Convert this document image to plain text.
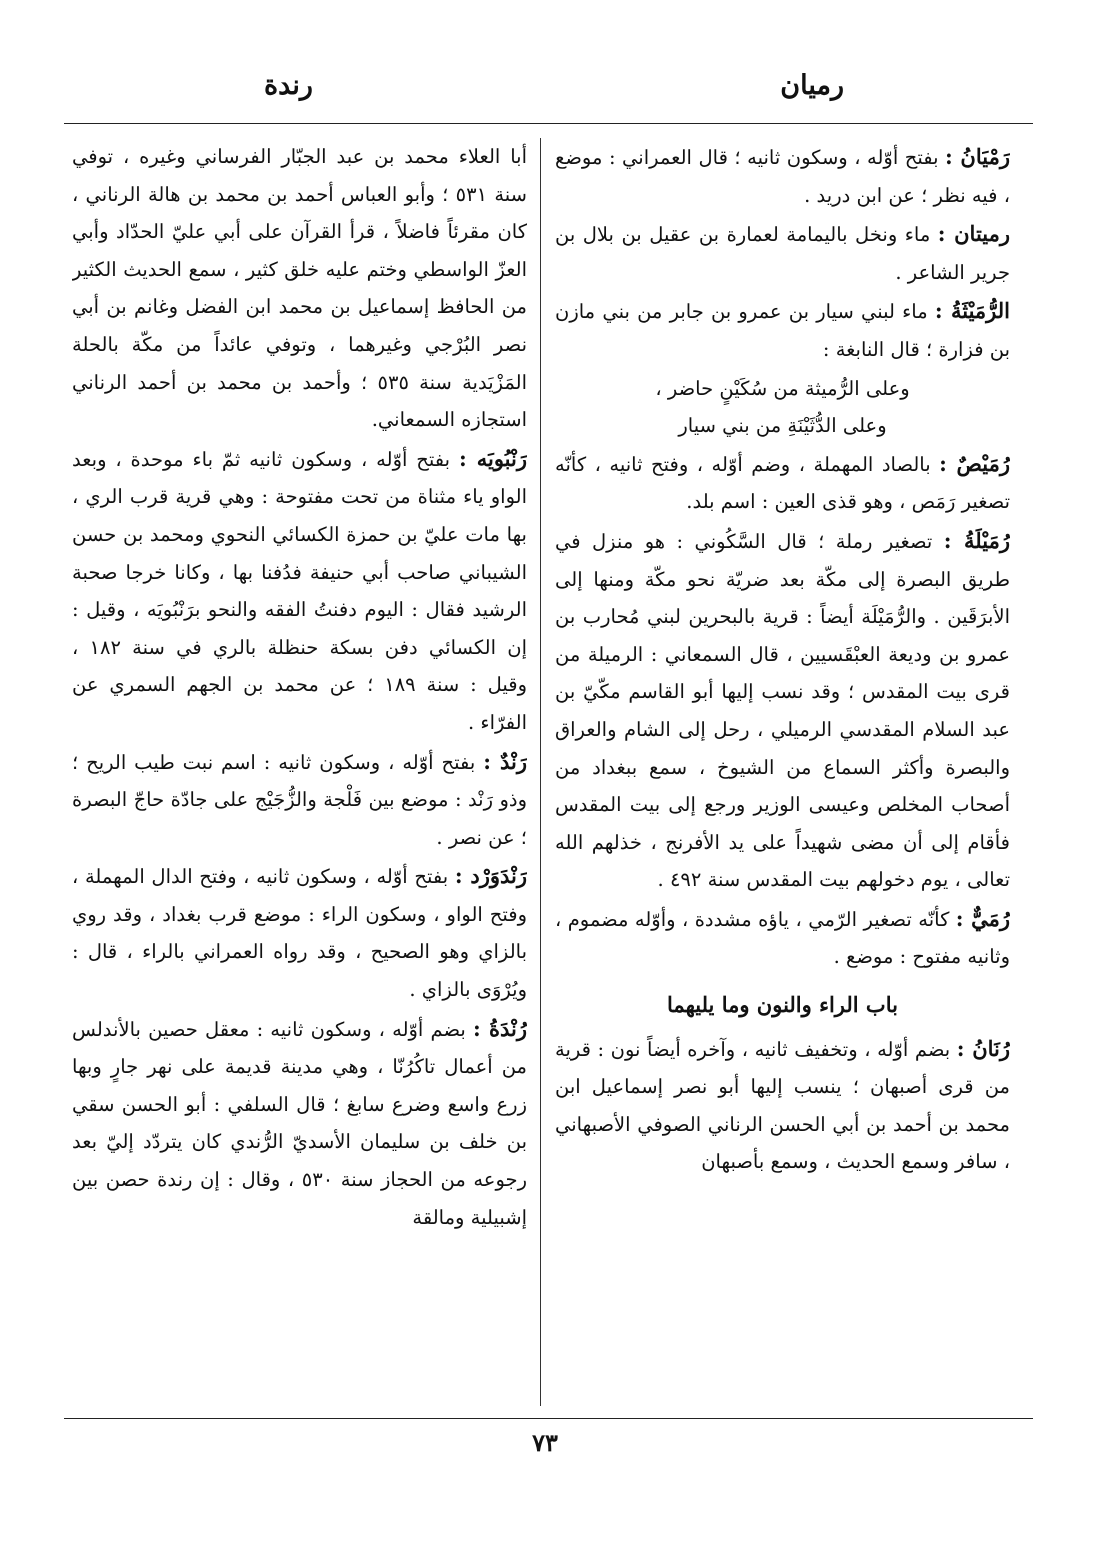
رميان
رندة

رَمْيَانُ : بفتح أوّله ، وسكون ثانيه ؛ قال العمراني : موضع ، فيه نظر ؛ عن ابن دريد .

رميتان : ماء ونخل باليمامة لعمارة بن عقيل بن بلال بن جرير الشاعر .

الرُّمَيْثَةُ : ماء لبني سيار بن عمرو بن جابر من بني مازن بن فزارة ؛ قال النابغة :

وعلى الرُّميثة من سُكَيْنٍ حاضر ،

وعلى الدُّثَيْنَةِ من بني سيار

رُمَيْصٌ : بالصاد المهملة ، وضم أوّله ، وفتح ثانيه ، كأنّه تصغير رَمَص ، وهو قذى العين : اسم بلد.

رُمَيْلَةُ : تصغير رملة ؛ قال السَّكُوني : هو منزل في طريق البصرة إلى مكّة بعد ضريّة نحو مكّة ومنها إلى الأبرَقَين . والرُّمَيْلَة أيضاً : قرية بالبحرين لبني مُحارب بن عمرو بن وديعة العبْقَسيين ، قال السمعاني : الرميلة من قرى بيت المقدس ؛ وقد نسب إليها أبو القاسم مكّيّ بن عبد السلام المقدسي الرميلي ، رحل إلى الشام والعراق والبصرة وأكثر السماع من الشيوخ ، سمع ببغداد من أصحاب المخلص وعيسى الوزير ورجع إلى بيت المقدس فأقام إلى أن مضى شهيداً على يد الأفرنج ، خذلهم الله تعالى ، يوم دخولهم بيت المقدس سنة ٤٩٢ .

رُمَيٌّ : كأنّه تصغير الرّمي ، ياؤه مشددة ، وأوّله مضموم ، وثانيه مفتوح : موضع .

باب الراء والنون وما يليهما

رُنَانُ : بضم أوّله ، وتخفيف ثانيه ، وآخره أيضاً نون : قرية من قرى أصبهان ؛ ينسب إليها أبو نصر إسماعيل ابن محمد بن أحمد بن أبي الحسن الرناني الصوفي الأصبهاني ، سافر وسمع الحديث ، وسمع بأصبهان

أبا العلاء محمد بن عبد الجبّار الفرساني وغيره ، توفي سنة ٥٣١ ؛ وأبو العباس أحمد بن محمد بن هالة الرناني ، كان مقرئاً فاضلاً ، قرأ القرآن على أبي عليّ الحدّاد وأبي العزّ الواسطي وختم عليه خلق كثير ، سمع الحديث الكثير من الحافظ إسماعيل بن محمد ابن الفضل وغانم بن أبي نصر البُرْجي وغيرهما ، وتوفي عائداً من مكّة بالحلة المَزْيَدية سنة ٥٣٥ ؛ وأحمد بن محمد بن أحمد الرناني استجازه السمعاني.

رَنْبُويَه : بفتح أوّله ، وسكون ثانيه ثمّ باء موحدة ، وبعد الواو ياء مثناة من تحت مفتوحة : وهي قرية قرب الري ، بها مات عليّ بن حمزة الكسائي النحوي ومحمد بن حسن الشيباني صاحب أبي حنيفة فدُفنا بها ، وكانا خرجا صحبة الرشيد فقال : اليوم دفنتُ الفقه والنحو برَنْبُويَه ، وقيل : إن الكسائي دفن بسكة حنظلة بالري في سنة ١٨٢ ، وقيل : سنة ١٨٩ ؛ عن محمد بن الجهم السمري عن الفرّاء .

رَنْدٌ : بفتح أوّله ، وسكون ثانيه : اسم نبت طيب الريح ؛ وذو رَنْد : موضع بين فَلْجة والزُّجَيْج على جادّة حاجّ البصرة ؛ عن نصر .

رَنْدَوَرْد : بفتح أوّله ، وسكون ثانيه ، وفتح الدال المهملة ، وفتح الواو ، وسكون الراء : موضع قرب بغداد ، وقد روي بالزاي وهو الصحيح ، وقد رواه العمراني بالراء ، قال : ويُرْوَى بالزاي .

رُنْدَةُ : بضم أوّله ، وسكون ثانيه : معقل حصين بالأندلس من أعمال تاكُرُنّا ، وهي مدينة قديمة على نهر جارٍ وبها زرع واسع وضرع سابغ ؛ قال السلفي : أبو الحسن سقي بن خلف بن سليمان الأسديّ الرُّندي كان يتردّد إليّ بعد رجوعه من الحجاز سنة ٥٣٠ ، وقال : إن رندة حصن بين إشبيلية ومالقة

٧٣
